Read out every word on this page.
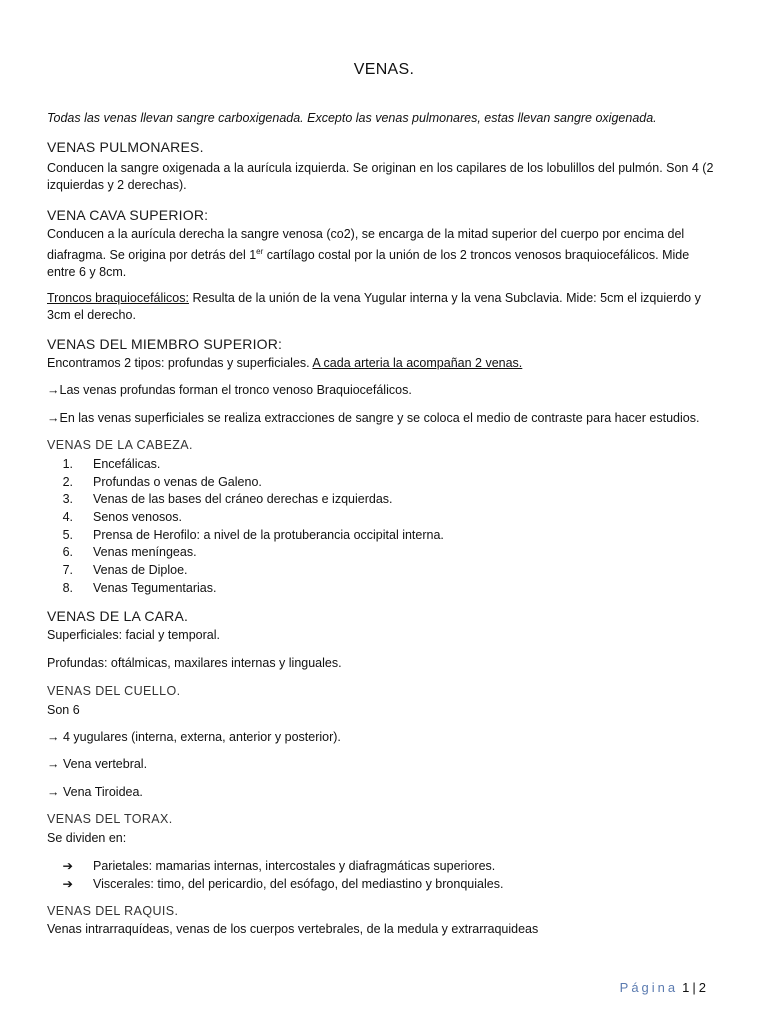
VENAS.
Todas las venas llevan sangre carboxigenada. Excepto las venas pulmonares, estas llevan sangre oxigenada.
VENAS PULMONARES.
Conducen la sangre oxigenada a la aurícula izquierda. Se originan en los capilares de los lobulillos del pulmón. Son 4 (2 izquierdas y 2 derechas).
VENA CAVA SUPERIOR:
Conducen a la aurícula derecha la sangre venosa (co2), se encarga de la mitad superior del cuerpo por encima del diafragma. Se origina por detrás del 1er cartílago costal por la unión de los 2 troncos venosos braquiocefálicos. Mide entre 6 y 8cm.
Troncos braquiocefálicos: Resulta de la unión de la vena Yugular interna y la vena Subclavia. Mide: 5cm el izquierdo y 3cm el derecho.
VENAS DEL MIEMBRO SUPERIOR:
Encontramos 2 tipos: profundas y superficiales. A cada arteria la acompañan 2 venas.
→Las venas profundas forman el tronco venoso Braquiocefálicos.
→En las venas superficiales se realiza extracciones de sangre y se coloca el medio de contraste para hacer estudios.
VENAS DE LA CABEZA.
1. Encefálicas.
2. Profundas o venas de Galeno.
3. Venas de las bases del cráneo derechas e izquierdas.
4. Senos venosos.
5. Prensa de Herofilo: a nivel de la protuberancia occipital interna.
6. Venas meníngeas.
7. Venas de Diploe.
8. Venas Tegumentarias.
VENAS DE LA CARA.
Superficiales: facial y temporal.
Profundas: oftálmicas, maxilares internas y linguales.
VENAS DEL CUELLO.
Son 6
→ 4 yugulares (interna, externa, anterior y posterior).
→ Vena vertebral.
→ Vena Tiroidea.
VENAS DEL TORAX.
Se dividen en:
➔ Parietales: mamarias internas, intercostales y diafragmáticas superiores.
➔ Viscerales: timo, del pericardio, del esófago, del mediastino y bronquiales.
VENAS DEL RAQUIS.
Venas intrarraquídeas, venas de los cuerpos vertebrales, de la medula y extrarraquideas
Página 1 | 2
